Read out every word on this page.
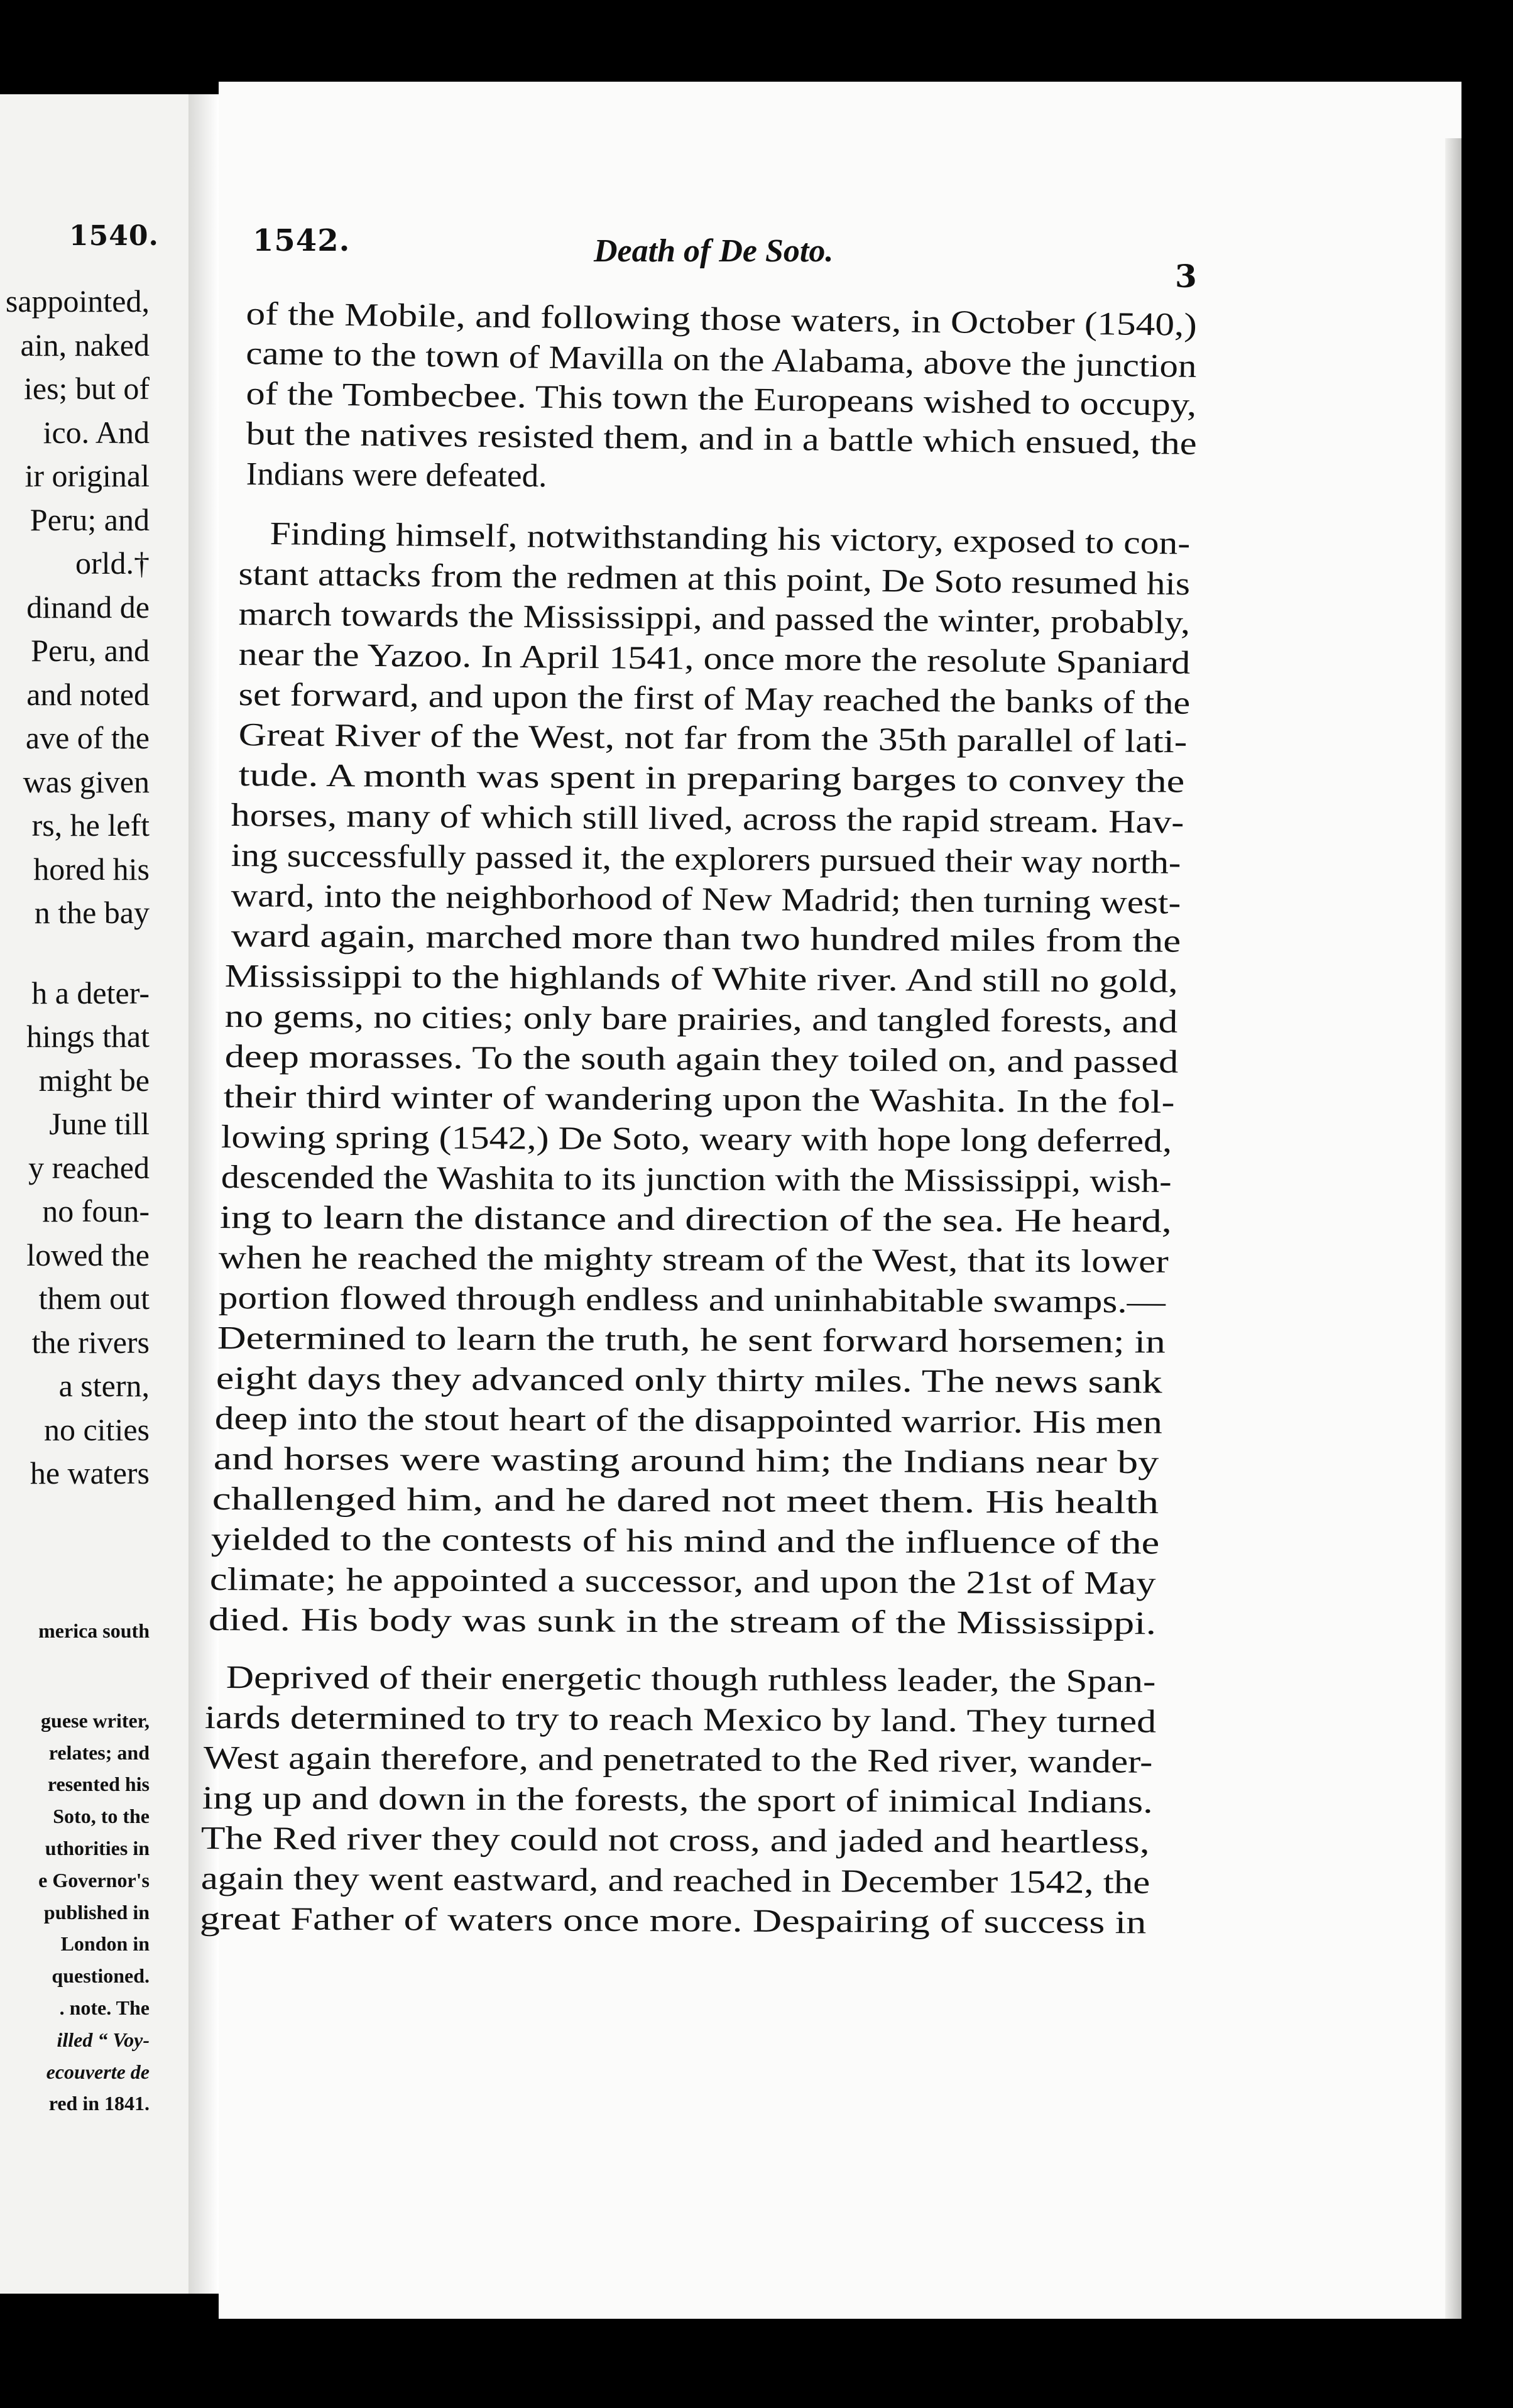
1540.
sappointed,
ain, naked
ies; but of
ico. And
ir original
Peru; and
orld.†
dinand de
Peru, and
and noted
ave of the
was given
rs, he left
hored his
n the bay
h a deter-
hings that
might be
June till
y reached
no foun-
lowed the
them out
the rivers
a stern,
no cities
he waters
merica south
guese writer,
relates; and
resented his
Soto, to the
uthorities in
e Governor's
published in
London in
questioned.
. note. The
illed “ Voy-
ecouverte de
red in 1841.
1542.	Death of De Soto.
3
of the Mobile, and following those waters, in October (1540,)
came to the town of Mavilla on the Alabama, above the junction
of the Tombecbee. This town the Europeans wished to occupy,
but the natives resisted them, and in a battle which ensued, the
Indians were defeated.
Finding himself, notwithstanding his victory, exposed to con-
stant attacks from the redmen at this point, De Soto resumed his
march towards the Mississippi, and passed the winter, probably,
near the Yazoo. In April 1541, once more the resolute Spaniard
set forward, and upon the first of May reached the banks of the
Great River of the West, not far from the 35th parallel of lati-
tude. A month was spent in preparing barges to convey the
horses, many of which still lived, across the rapid stream. Hav-
ing successfully passed it, the explorers pursued their way north-
ward, into the neighborhood of New Madrid; then turning west-
ward again, marched more than two hundred miles from the
Mississippi to the highlands of White river. And still no gold,
no gems, no cities; only bare prairies, and tangled forests, and
deep morasses. To the south again they toiled on, and passed
their third winter of wandering upon the Washita. In the fol-
lowing spring (1542,) De Soto, weary with hope long deferred,
descended the Washita to its junction with the Mississippi, wish-
ing to learn the distance and direction of the sea. He heard,
when he reached the mighty stream of the West, that its lower
portion flowed through endless and uninhabitable swamps.—
Determined to learn the truth, he sent forward horsemen; in
eight days they advanced only thirty miles. The news sank
deep into the stout heart of the disappointed warrior. His men
and horses were wasting around him; the Indians near by
challenged him, and he dared not meet them. His health
yielded to the contests of his mind and the influence of the
climate; he appointed a successor, and upon the 21st of May
died. His body was sunk in the stream of the Mississippi.
Deprived of their energetic though ruthless leader, the Span-
iards determined to try to reach Mexico by land. They turned
West again therefore, and penetrated to the Red river, wander-
ing up and down in the forests, the sport of inimical Indians.
The Red river they could not cross, and jaded and heartless,
again they went eastward, and reached in December 1542, the
great Father of waters once more. Despairing of success in
